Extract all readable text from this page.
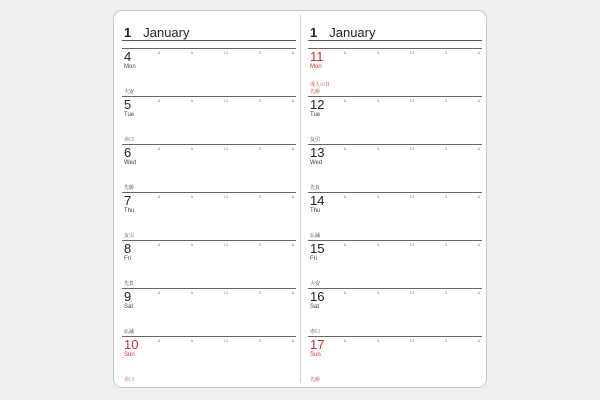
1 January
6 · · 9 · · 12 · · 3 · · 6
4
Mon
大安
6 · · 9 · · 12 · · 3 · · 6
5
Tue
赤口
6 · · 9 · · 12 · · 3 · · 6
6
Wed
先勝
6 · · 9 · · 12 · · 3 · · 6
7
Thu
友引
6 · · 9 · · 12 · · 3 · · 6
8
Fri
先負
6 · · 9 · · 12 · · 3 · · 6
9
Sat
仏滅
6 · · 9 · · 12 · · 3 · · 6
10
Sun
赤口
1 January
6 · · 9 · · 12 · · 3 · · 6
11
Mon
先勝
成人の日
6 · · 9 · · 12 · · 3 · · 6
12
Tue
友引
6 · · 9 · · 12 · · 3 · · 6
13
Wed
先負
6 · · 9 · · 12 · · 3 · · 6
14
Thu
仏滅
6 · · 9 · · 12 · · 3 · · 6
15
Fri
大安
6 · · 9 · · 12 · · 3 · · 6
16
Sat
赤口
6 · · 9 · · 12 · · 3 · · 6
17
Sun
先勝
